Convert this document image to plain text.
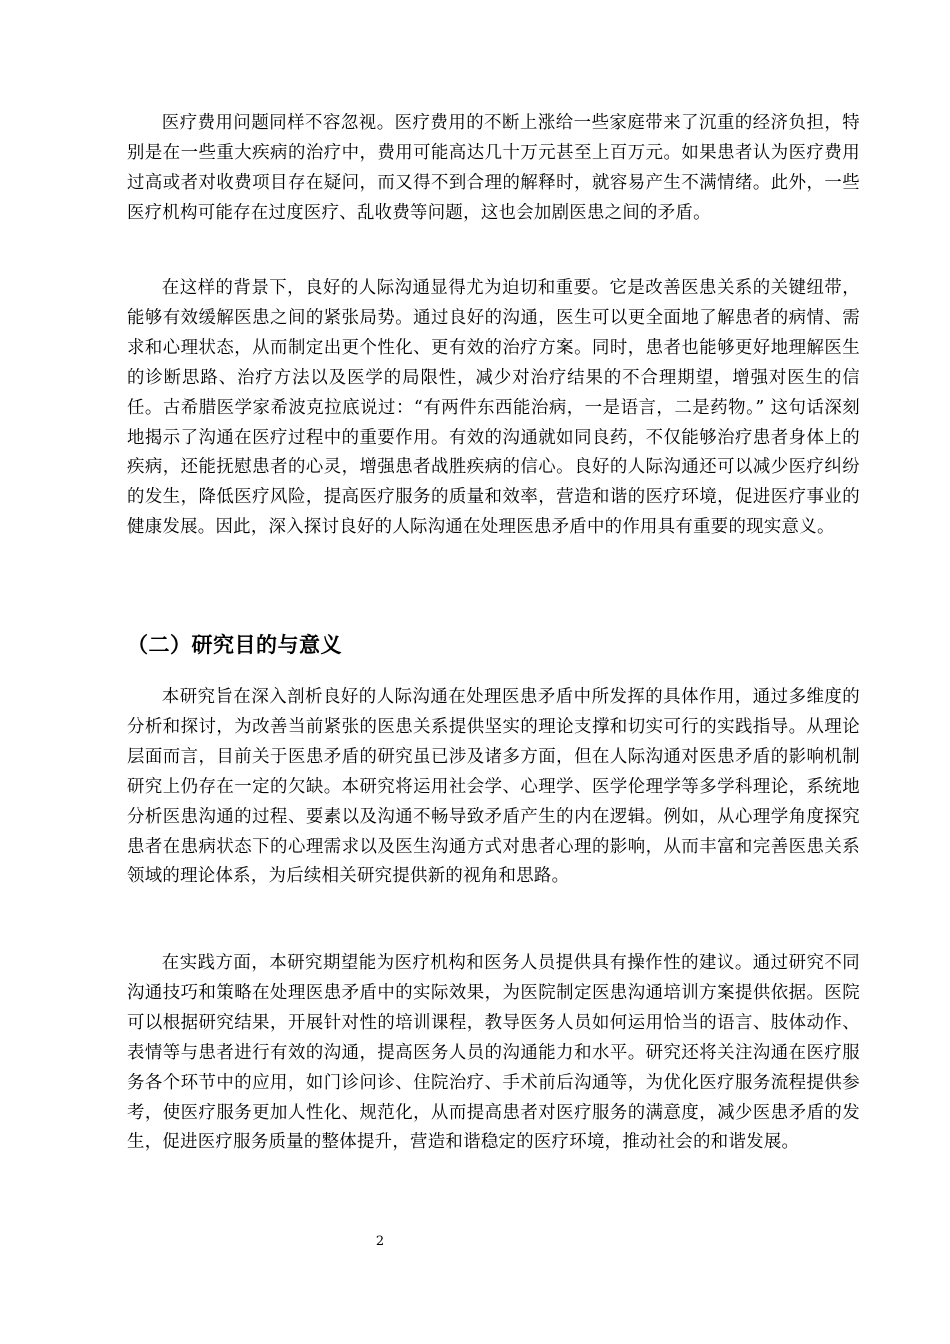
医疗费用问题同样不容忽视。医疗费用的不断上涨给一些家庭带来了沉重的经济负担，特别是在一些重大疾病的治疗中，费用可能高达几十万元甚至上百万元。如果患者认为医疗费用过高或者对收费项目存在疑问，而又得不到合理的解释时，就容易产生不满情绪。此外，一些医疗机构可能存在过度医疗、乱收费等问题，这也会加剧医患之间的矛盾。

在这样的背景下，良好的人际沟通显得尤为迫切和重要。它是改善医患关系的关键纽带，能够有效缓解医患之间的紧张局势。通过良好的沟通，医生可以更全面地了解患者的病情、需求和心理状态，从而制定出更个性化、更有效的治疗方案。同时，患者也能够更好地理解医生的诊断思路、治疗方法以及医学的局限性，减少对治疗结果的不合理期望，增强对医生的信任。古希腊医学家希波克拉底说过：“有两件东西能治病，一是语言，二是药物。” 这句话深刻地揭示了沟通在医疗过程中的重要作用。有效的沟通就如同良药，不仅能够治疗患者身体上的疾病，还能抚慰患者的心灵，增强患者战胜疾病的信心。良好的人际沟通还可以减少医疗纠纷的发生，降低医疗风险，提高医疗服务的质量和效率，营造和谐的医疗环境，促进医疗事业的健康发展。因此，深入探讨良好的人际沟通在处理医患矛盾中的作用具有重要的现实意义。

（二）研究目的与意义

本研究旨在深入剖析良好的人际沟通在处理医患矛盾中所发挥的具体作用，通过多维度的分析和探讨，为改善当前紧张的医患关系提供坚实的理论支撑和切实可行的实践指导。从理论层面而言，目前关于医患矛盾的研究虽已涉及诸多方面，但在人际沟通对医患矛盾的影响机制研究上仍存在一定的欠缺。本研究将运用社会学、心理学、医学伦理学等多学科理论，系统地分析医患沟通的过程、要素以及沟通不畅导致矛盾产生的内在逻辑。例如，从心理学角度探究患者在患病状态下的心理需求以及医生沟通方式对患者心理的影响，从而丰富和完善医患关系领域的理论体系，为后续相关研究提供新的视角和思路。

在实践方面，本研究期望能为医疗机构和医务人员提供具有操作性的建议。通过研究不同沟通技巧和策略在处理医患矛盾中的实际效果，为医院制定医患沟通培训方案提供依据。医院可以根据研究结果，开展针对性的培训课程，教导医务人员如何运用恰当的语言、肢体动作、表情等与患者进行有效的沟通，提高医务人员的沟通能力和水平。研究还将关注沟通在医疗服务各个环节中的应用，如门诊问诊、住院治疗、手术前后沟通等，为优化医疗服务流程提供参考，使医疗服务更加人性化、规范化，从而提高患者对医疗服务的满意度，减少医患矛盾的发生，促进医疗服务质量的整体提升，营造和谐稳定的医疗环境，推动社会的和谐发展。

2
